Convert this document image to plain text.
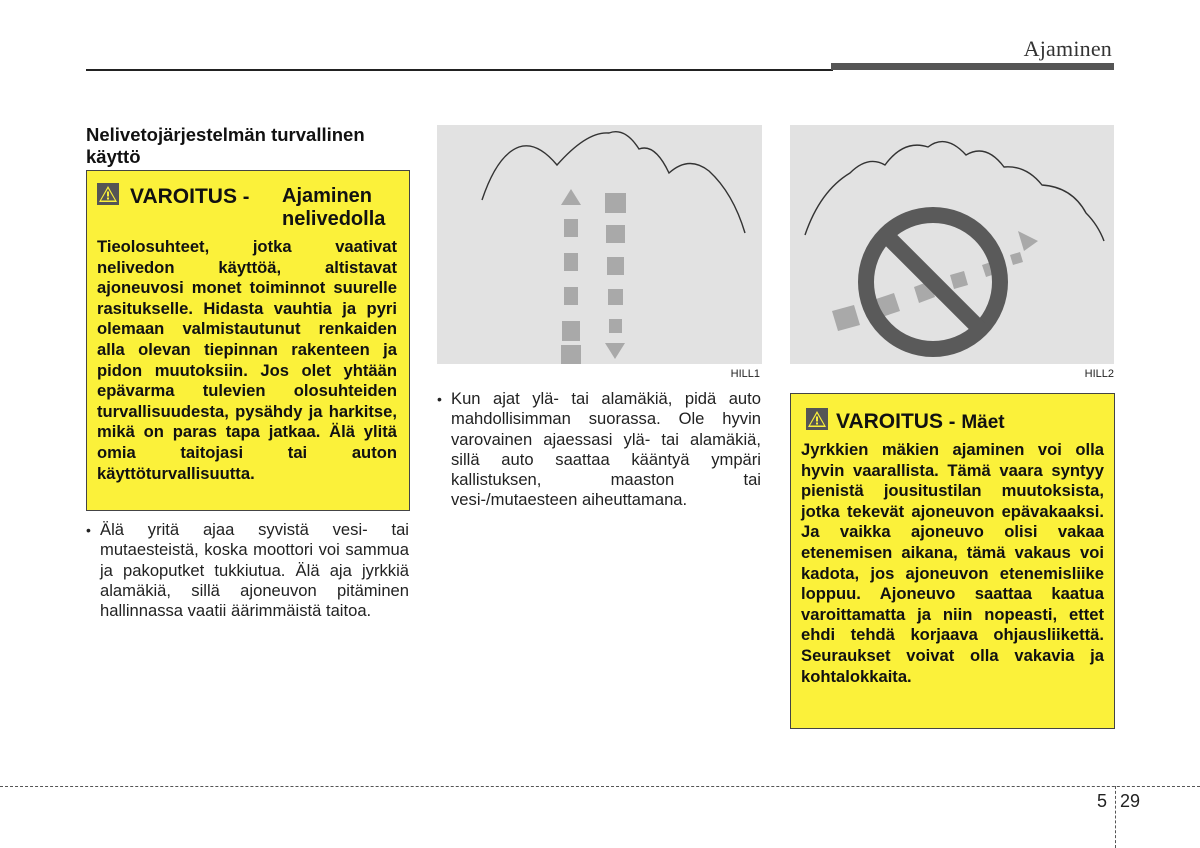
Ajaminen
Nelivetojärjestelmän turvallinen käyttö
VAROITUS -	Ajaminen nelivedolla
Tieolosuhteet, jotka vaativat nelivedon käyttöä, altistavat ajoneuvosi monet toiminnot suurelle rasitukselle. Hidasta vauhtia ja pyri olemaan valmistautunut renkaiden alla olevan tiepinnan rakenteen ja pidon muutoksiin. Jos olet yhtään epävarma tulevien olosuhteiden turvallisuudesta, pysähdy ja harkitse, mikä on paras tapa jatkaa. Älä ylitä omia taitojasi tai auton käyttöturvallisuutta.
• Älä yritä ajaa syvistä vesi- tai mutaesteistä, koska moottori voi sammua ja pakoputket tukkiutua. Älä aja jyrkkiä alamäkiä, sillä ajoneuvon pitäminen hallinnassa vaatii äärimmäistä taitoa.
HILL1
• Kun ajat ylä- tai alamäkiä, pidä auto mahdollisimman suorassa. Ole hyvin varovainen ajaessasi ylä- tai alamäkiä, sillä auto saattaa kääntyä ympäri kallistuksen, maaston tai vesi-/mutaesteen aiheuttamana.
HILL2
VAROITUS - Mäet
Jyrkkien mäkien ajaminen voi olla hyvin vaarallista. Tämä vaara syntyy pienistä jousitustilan muutoksista, jotka tekevät ajoneuvon epävakaaksi. Ja vaikka ajoneuvo olisi vakaa etenemisen aikana, tämä vakaus voi kadota, jos ajoneuvon etenemisliike loppuu. Ajoneuvo saattaa kaatua varoittamatta ja niin nopeasti, ettet ehdi tehdä korjaava ohjausliikettä. Seuraukset voivat olla vakavia ja kohtalokkaita.
5 29
